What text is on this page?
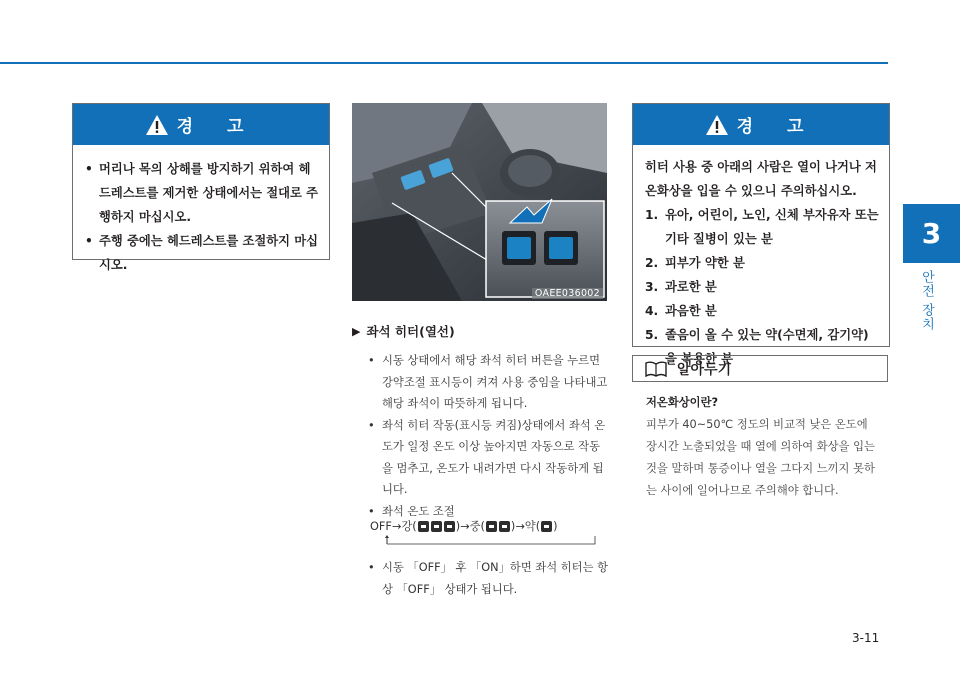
3
안전 장치
경 고
• 머리나 목의 상해를 방지하기 위하여 헤드레스트를 제거한 상태에서는 절대로 주행하지 마십시오.
• 주행 중에는 헤드레스트를 조절하지 마십시오.
OAEE036002
▶ 좌석 히터(열선)
• 시동 상태에서 해당 좌석 히터 버튼을 누르면 강약조절 표시등이 켜져 사용 중임을 나타내고 해당 좌석이 따뜻하게 됩니다.
• 좌석 히터 작동(표시등 켜짐)상태에서 좌석 온도가 일정 온도 이상 높아지면 자동으로 작동을 멈추고, 온도가 내려가면 다시 작동하게 됩니다.
• 좌석 온도 조절
OFF → 강 (	)→ 중 ( )→ 약 ( )
• 시동 「OFF」 후 「ON」하면 좌석 히터는 항상 「OFF」 상태가 됩니다.
경 고
히터 사용 중 아래의 사람은 열이 나거나 저온화상을 입을 수 있으니 주의하십시오.
1. 유아, 어린이, 노인, 신체 부자유자 또는 기타 질병이 있는 분
2. 피부가 약한 분
3. 과로한 분
4. 과음한 분
5. 졸음이 올 수 있는 약(수면제, 감기약)을 복용한 분
알아두기
저온화상이란?
피부가 40~50℃ 정도의 비교적 낮은 온도에 장시간 노출되었을 때 열에 의하여 화상을 입는 것을 말하며 통증이나 열을 그다지 느끼지 못하는 사이에 일어나므로 주의해야 합니다.
3-11
